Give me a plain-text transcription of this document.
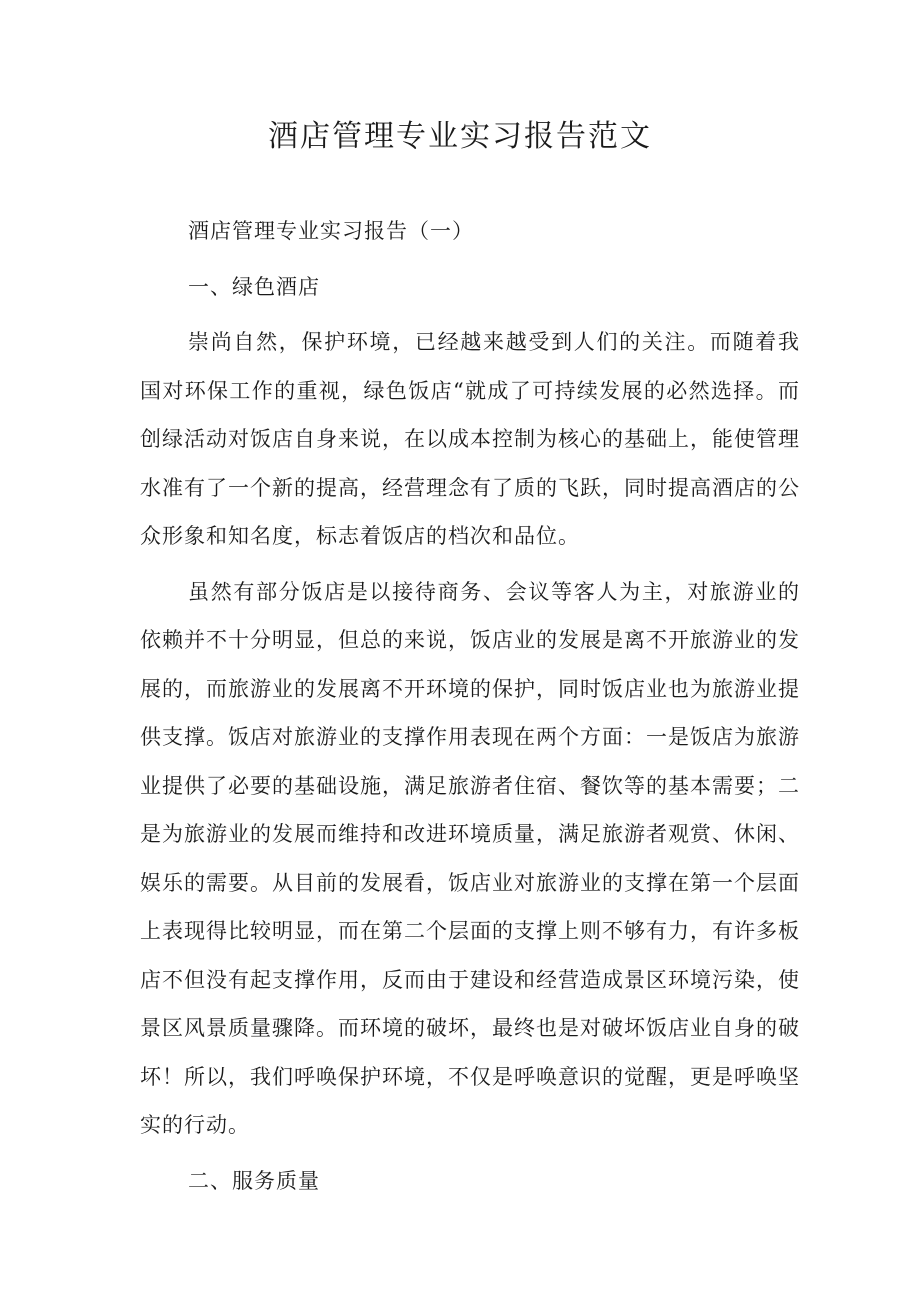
酒店管理专业实习报告范文

酒店管理专业实习报告（一）

一、绿色酒店

崇尚自然，保护环境，已经越来越受到人们的关注。而随着我国对环保工作的重视，绿色饭店“就成了可持续发展的必然选择。而创绿活动对饭店自身来说，在以成本控制为核心的基础上，能使管理水准有了一个新的提高，经营理念有了质的飞跃，同时提高酒店的公众形象和知名度，标志着饭店的档次和品位。

虽然有部分饭店是以接待商务、会议等客人为主，对旅游业的依赖并不十分明显，但总的来说，饭店业的发展是离不开旅游业的发展的，而旅游业的发展离不开环境的保护，同时饭店业也为旅游业提供支撑。饭店对旅游业的支撑作用表现在两个方面：一是饭店为旅游业提供了必要的基础设施，满足旅游者住宿、餐饮等的基本需要；二是为旅游业的发展而维持和改进环境质量，满足旅游者观赏、休闲、娱乐的需要。从目前的发展看，饭店业对旅游业的支撑在第一个层面上表现得比较明显，而在第二个层面的支撑上则不够有力，有许多板店不但没有起支撑作用，反而由于建设和经营造成景区环境污染，使景区风景质量骤降。而环境的破坏，最终也是对破坏饭店业自身的破坏！所以，我们呼唤保护环境，不仅是呼唤意识的觉醒，更是呼唤坚实的行动。

二、服务质量
